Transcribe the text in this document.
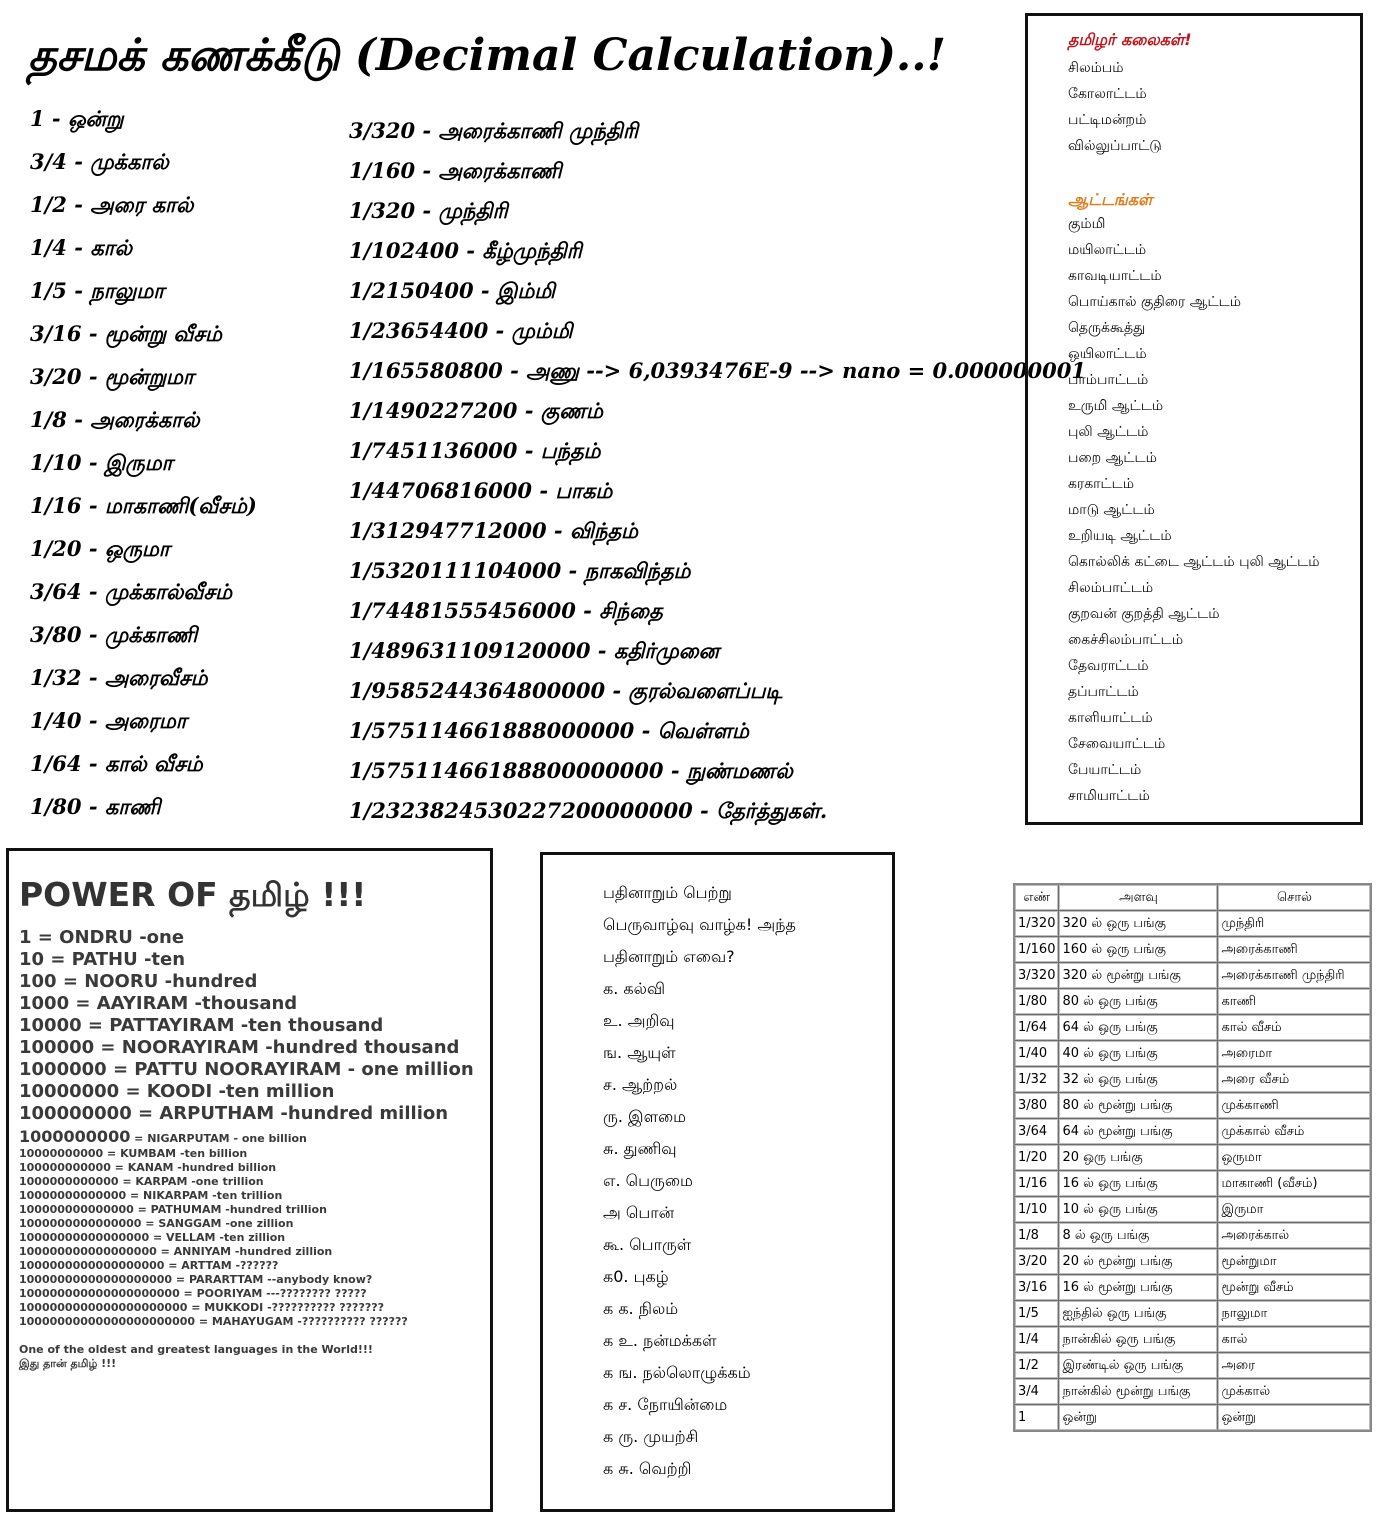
தசமக் கணக்கீடு (Decimal Calculation)..!
1 - ஒன்று
3/4 - முக்கால்
1/2 - அரை கால்
1/4 - கால்
1/5 - நாலுமா
3/16 - மூன்று வீசம்
3/20 - மூன்றுமா
1/8 - அரைக்கால்
1/10 - இருமா
1/16 - மாகாணி(வீசம்)
1/20 - ஒருமா
3/64 - முக்கால்வீசம்
3/80 - முக்காணி
1/32 - அரைவீசம்
1/40 - அரைமா
1/64 - கால் வீசம்
1/80 - காணி
3/320 - அரைக்காணி முந்திரி
1/160 - அரைக்காணி
1/320 - முந்திரி
1/102400 - கீழ்முந்திரி
1/2150400 - இம்மி
1/23654400 - மும்மி
1/165580800 - அணு --> 6,0393476E-9 --> nano = 0.000000001
1/1490227200 - குணம்
1/7451136000 - பந்தம்
1/44706816000 - பாகம்
1/312947712000 - விந்தம்
1/5320111104000 - நாகவிந்தம்
1/74481555456000 - சிந்தை
1/489631109120000 - கதிர்முனை
1/9585244364800000 - குரல்வளைப்படி
1/575114661888000000 - வெள்ளம்
1/57511466188800000000 - நுண்மணல்
1/2323824530227200000000 - தேர்த்துகள்.
தமிழர் கலைகள்!
ஆட்டங்கள்
சிலம்பம்
கோலாட்டம்
பட்டிமன்றம்
வில்லுப்பாட்டு
கும்மி
மயிலாட்டம்
காவடியாட்டம்
பொய்கால் குதிரை ஆட்டம்
தெருக்கூத்து
ஒயிலாட்டம்
பாம்பாட்டம்
உருமி ஆட்டம்
புலி ஆட்டம்
பறை ஆட்டம்
கரகாட்டம்
மாடு ஆட்டம்
உறியடி ஆட்டம்
கொல்லிக் கட்டை ஆட்டம் புலி ஆட்டம்
சிலம்பாட்டம்
குறவன் குறத்தி ஆட்டம்
கைச்சிலம்பாட்டம்
தேவராட்டம்
தப்பாட்டம்
காளியாட்டம்
சேவையாட்டம்
பேயாட்டம்
சாமியாட்டம்
POWER OF தமிழ் !!!
1 = ONDRU -one
10 = PATHU -ten
100 = NOORU -hundred
1000 = AAYIRAM -thousand
10000 = PATTAYIRAM -ten thousand
100000 = NOORAYIRAM -hundred thousand
1000000 = PATTU NOORAYIRAM - one million
10000000 = KOODI -ten million
100000000 = ARPUTHAM -hundred million
1000000000 = NIGARPUTAM - one billion
10000000000 = KUMBAM -ten billion
100000000000 = KANAM -hundred billion
1000000000000 = KARPAM -one trillion
10000000000000 = NIKARPAM -ten trillion
100000000000000 = PATHUMAM -hundred trillion
1000000000000000 = SANGGAM -one zillion
10000000000000000 = VELLAM -ten zillion
100000000000000000 = ANNIYAM -hundred zillion
1000000000000000000 = ARTTAM -??????
10000000000000000000 = PARARTTAM --anybody know?
100000000000000000000 = POORIYAM ---???????? ?????
1000000000000000000000 = MUKKODI -?????????? ???????
10000000000000000000000 = MAHAYUGAM -?????????? ??????
One of the oldest and greatest languages in the World!!!
இது தான் தமிழ் !!!
பதினாறும் பெற்று
பெருவாழ்வு வாழ்க! அந்த
பதினாறும் எவை?
க. கல்வி
உ. அறிவு
ங. ஆயுள்
ச. ஆற்றல்
ரு. இளமை
சு. துணிவு
எ. பெருமை
அ பொன்
கூ. பொருள்
க0. புகழ்
க க. நிலம்
க உ. நன்மக்கள்
க ங. நல்லொழுக்கம்
க ச. நோயின்மை
க ரு. முயற்சி
க சு. வெற்றி
எண்	அளவு	சொல்
1/320	320 ல் ஒரு பங்கு	முந்திரி
1/160	160 ல் ஒரு பங்கு	அரைக்காணி
3/320	320 ல் மூன்று பங்கு	அரைக்காணி முந்திரி
1/80	80 ல் ஒரு பங்கு	காணி
1/64	64 ல் ஒரு பங்கு	கால் வீசம்
1/40	40 ல் ஒரு பங்கு	அரைமா
1/32	32 ல் ஒரு பங்கு	அரை வீசம்
3/80	80 ல் மூன்று பங்கு	முக்காணி
3/64	64 ல் மூன்று பங்கு	முக்கால் வீசம்
1/20	20 ஒரு பங்கு	ஒருமா
1/16	16 ல் ஒரு பங்கு	மாகாணி (வீசம்)
1/10	10 ல் ஒரு பங்கு	இருமா
1/8	8 ல் ஒரு பங்கு	அரைக்கால்
3/20	20 ல் மூன்று பங்கு	மூன்றுமா
3/16	16 ல் மூன்று பங்கு	மூன்று வீசம்
1/5	ஐந்தில் ஒரு பங்கு	நாலுமா
1/4	நான்கில் ஒரு பங்கு	கால்
1/2	இரண்டில் ஒரு பங்கு	அரை
3/4	நான்கில் மூன்று பங்கு	முக்கால்
1	ஒன்று	ஒன்று
